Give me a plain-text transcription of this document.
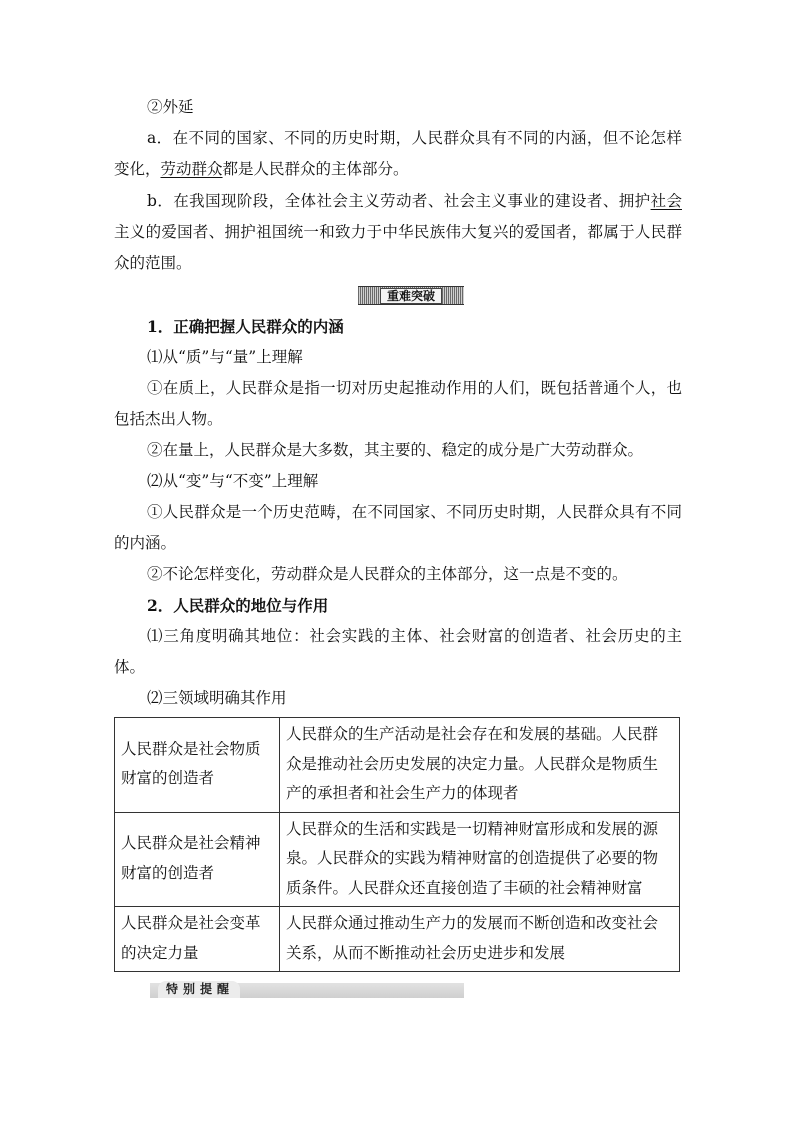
②外延

a．在不同的国家、不同的历史时期，人民群众具有不同的内涵，但不论怎样变化，劳动群众都是人民群众的主体部分。

b．在我国现阶段，全体社会主义劳动者、社会主义事业的建设者、拥护社会主义的爱国者、拥护祖国统一和致力于中华民族伟大复兴的爱国者，都属于人民群众的范围。

重难突破

1．正确把握人民群众的内涵

⑴从“质”与“量”上理解

①在质上，人民群众是指一切对历史起推动作用的人们，既包括普通个人，也包括杰出人物。

②在量上，人民群众是大多数，其主要的、稳定的成分是广大劳动群众。

⑵从“变”与“不变”上理解

①人民群众是一个历史范畴，在不同国家、不同历史时期，人民群众具有不同的内涵。

②不论怎样变化，劳动群众是人民群众的主体部分，这一点是不变的。

2．人民群众的地位与作用

⑴三角度明确其地位：社会实践的主体、社会财富的创造者、社会历史的主体。

⑵三领域明确其作用

人民群众是社会物质财富的创造者	人民群众的生产活动是社会存在和发展的基础。人民群众是推动社会历史发展的决定力量。人民群众是物质生产的承担者和社会生产力的体现者
人民群众是社会精神财富的创造者	人民群众的生活和实践是一切精神财富形成和发展的源泉。人民群众的实践为精神财富的创造提供了必要的物质条件。人民群众还直接创造了丰硕的社会精神财富
人民群众是社会变革的决定力量	人民群众通过推动生产力的发展而不断创造和改变社会关系，从而不断推动社会历史进步和发展
特别提醒
